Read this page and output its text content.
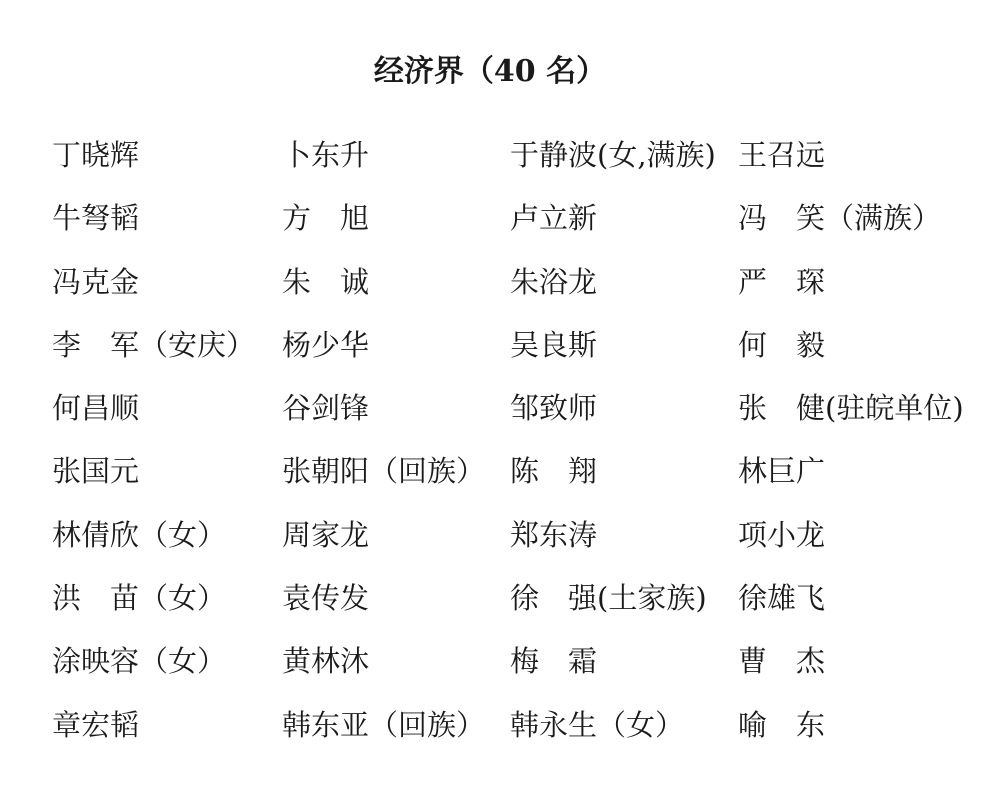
经济界（40 名）
丁晓辉	卜东升	于静波(女,满族) 王召远
牛弩韬	方　旭	卢立新	冯　笑（满族）
冯克金	朱　诚	朱浴龙	严　琛
李　军（安庆） 杨少华	吴良斯	何　毅
何昌顺	谷剑锋	邹致师	张　健(驻皖单位)
张国元	张朝阳（回族） 陈　翔	林巨广
林倩欣（女）	周家龙	郑东涛	项小龙
洪　苗（女）	袁传发	徐　强(土家族)	徐雄飞
涂映容（女）	黄林沐	梅　霜	曹　杰
章宏韬	韩东亚（回族） 韩永生（女）	喻　东
